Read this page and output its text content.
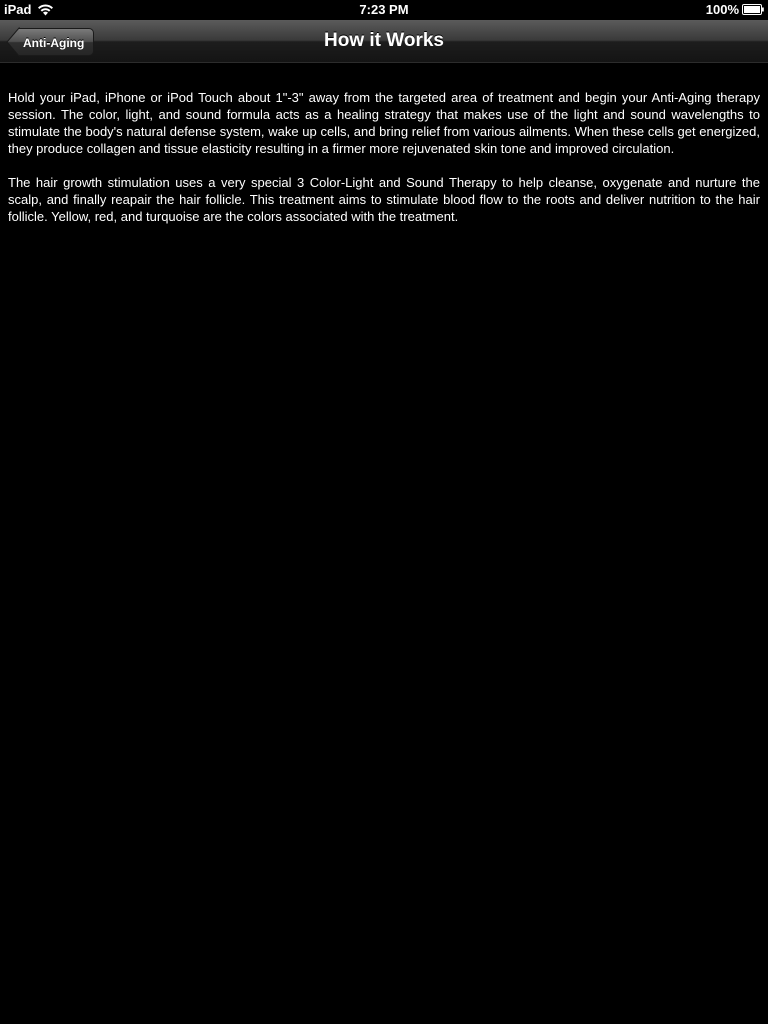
iPad	7:23 PM	100%
Anti-Aging	How it Works

Hold your iPad, iPhone or iPod Touch about 1"-3" away from the targeted area of treatment and begin your Anti-Aging therapy session. The color, light, and sound formula acts as a healing strategy that makes use of the light and sound wavelengths to stimulate the body's natural defense system, wake up cells, and bring relief from various ailments. When these cells get energized, they produce collagen and tissue elasticity resulting in a firmer more rejuvenated skin tone and improved circulation.

The hair growth stimulation uses a very special 3 Color-Light and Sound Therapy to help cleanse, oxygenate and nurture the scalp, and finally reapair the hair follicle. This treatment aims to stimulate blood flow to the roots and deliver nutrition to the hair follicle. Yellow, red, and turquoise are the colors associated with the treatment.
